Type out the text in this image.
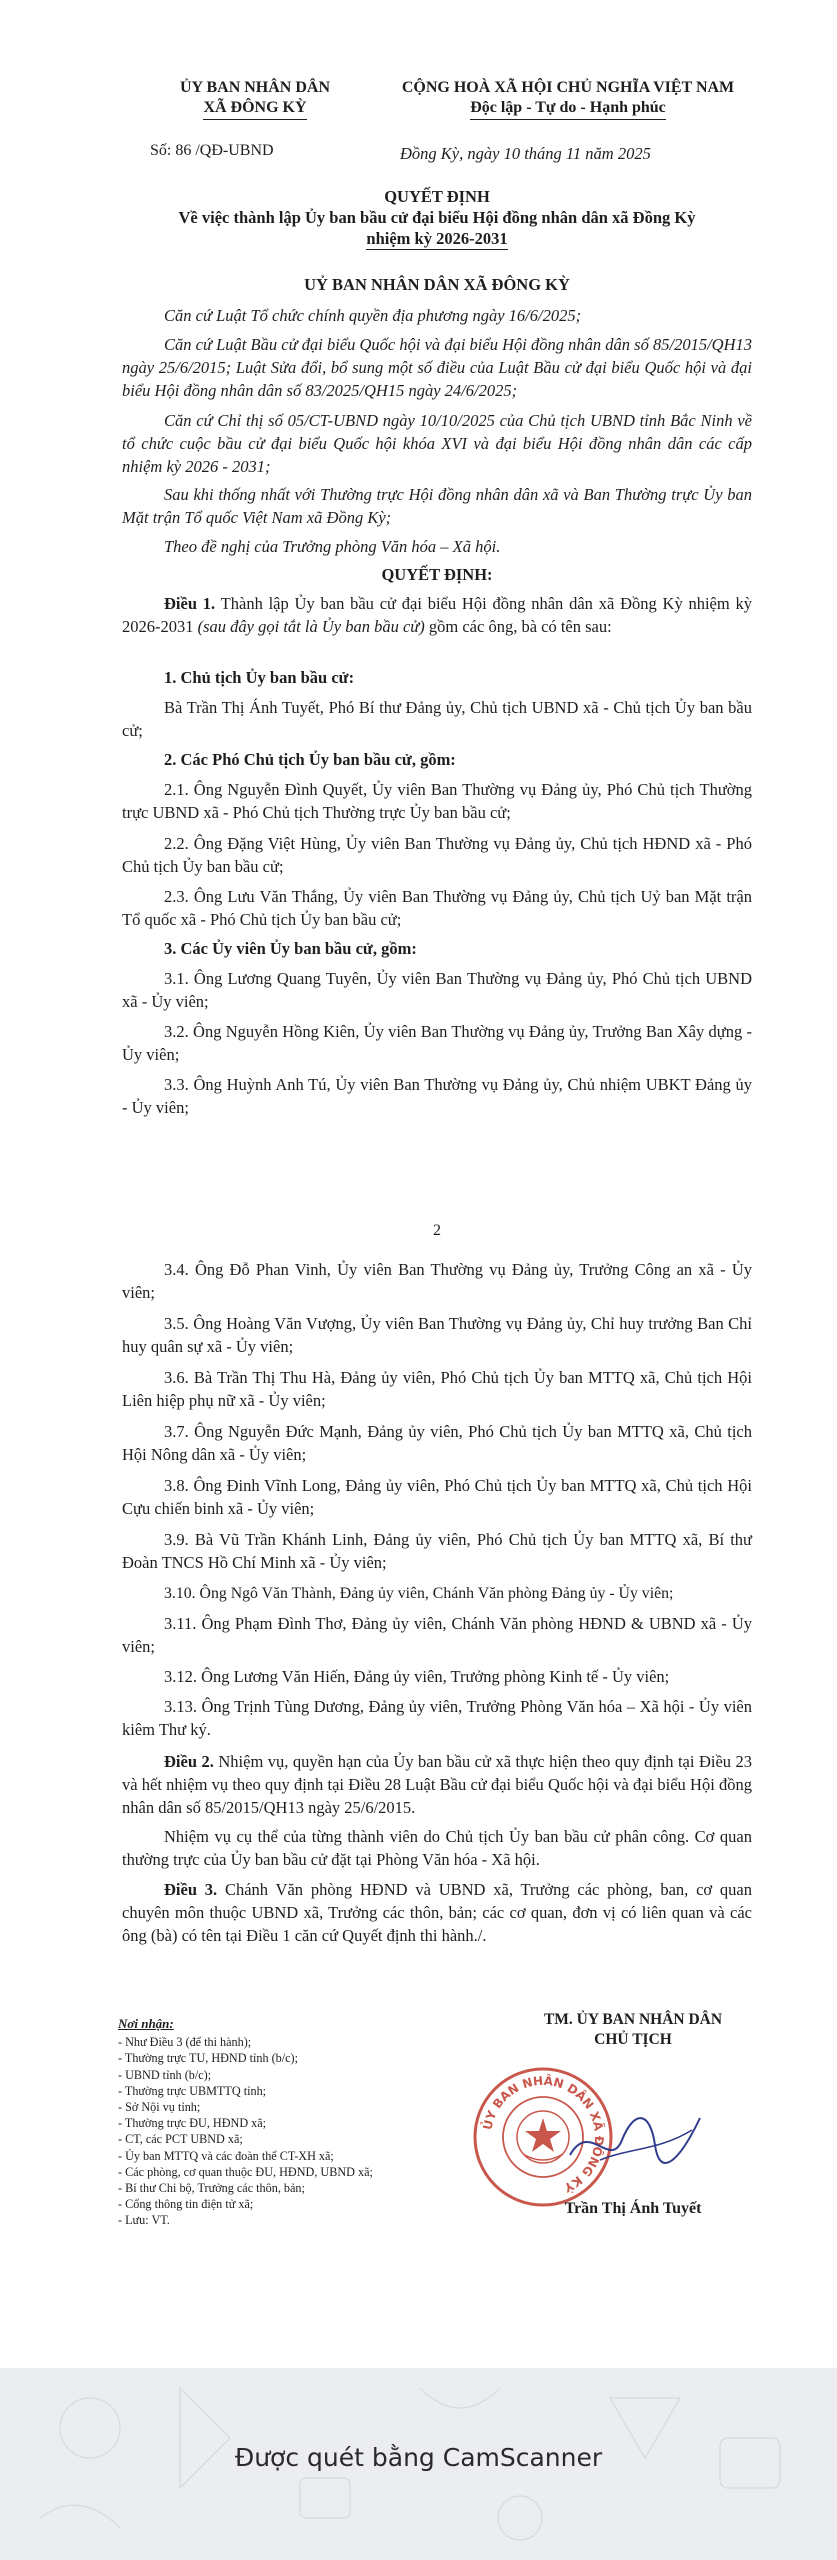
ỦY BAN NHÂN DÂN
XÃ ĐÔNG KỲ
Số: 86 /QĐ-UBND
CỘNG HOÀ XÃ HỘI CHỦ NGHĨA VIỆT NAM
Độc lập - Tự do - Hạnh phúc
Đồng Kỳ, ngày 10 tháng 11 năm 2025
QUYẾT ĐỊNH
Về việc thành lập Ủy ban bầu cử đại biểu Hội đồng nhân dân xã Đồng Kỳ
nhiệm kỳ 2026-2031
UỶ BAN NHÂN DÂN XÃ ĐÔNG KỲ

Căn cứ Luật Tổ chức chính quyền địa phương ngày 16/6/2025;

Căn cứ Luật Bầu cử đại biểu Quốc hội và đại biểu Hội đồng nhân dân số 85/2015/QH13 ngày 25/6/2015; Luật Sửa đổi, bổ sung một số điều của Luật Bầu cử đại biểu Quốc hội và đại biểu Hội đồng nhân dân số 83/2025/QH15 ngày 24/6/2025;

Căn cứ Chỉ thị số 05/CT-UBND ngày 10/10/2025 của Chủ tịch UBND tỉnh Bắc Ninh về tổ chức cuộc bầu cử đại biểu Quốc hội khóa XVI và đại biểu Hội đồng nhân dân các cấp nhiệm kỳ 2026 - 2031;

Sau khi thống nhất với Thường trực Hội đồng nhân dân xã và Ban Thường trực Ủy ban Mặt trận Tổ quốc Việt Nam xã Đồng Kỳ;

Theo đề nghị của Trưởng phòng Văn hóa – Xã hội.

QUYẾT ĐỊNH:

Điều 1. Thành lập Ủy ban bầu cử đại biểu Hội đồng nhân dân xã Đồng Kỳ nhiệm kỳ 2026-2031 (sau đây gọi tắt là Ủy ban bầu cử) gồm các ông, bà có tên sau:

1. Chủ tịch Ủy ban bầu cử:

Bà Trần Thị Ánh Tuyết, Phó Bí thư Đảng ủy, Chủ tịch UBND xã - Chủ tịch Ủy ban bầu cử;

2. Các Phó Chủ tịch Ủy ban bầu cử, gồm:

2.1. Ông Nguyễn Đình Quyết, Ủy viên Ban Thường vụ Đảng ủy, Phó Chủ tịch Thường trực UBND xã - Phó Chủ tịch Thường trực Ủy ban bầu cử;

2.2. Ông Đặng Việt Hùng, Ủy viên Ban Thường vụ Đảng ủy, Chủ tịch HĐND xã - Phó Chủ tịch Ủy ban bầu cử;

2.3. Ông Lưu Văn Thắng, Ủy viên Ban Thường vụ Đảng ủy, Chủ tịch Uỷ ban Mặt trận Tổ quốc xã - Phó Chủ tịch Ủy ban bầu cử;

3. Các Ủy viên Ủy ban bầu cử, gồm:

3.1. Ông Lương Quang Tuyên, Ủy viên Ban Thường vụ Đảng ủy, Phó Chủ tịch UBND xã - Ủy viên;

3.2. Ông Nguyễn Hồng Kiên, Ủy viên Ban Thường vụ Đảng ủy, Trưởng Ban Xây dựng - Ủy viên;

3.3. Ông Huỳnh Anh Tú, Ủy viên Ban Thường vụ Đảng ủy, Chủ nhiệm UBKT Đảng ủy - Ủy viên;

2

3.4. Ông Đỗ Phan Vinh, Ủy viên Ban Thường vụ Đảng ủy, Trưởng Công an xã - Ủy viên;

3.5. Ông Hoàng Văn Vượng, Ủy viên Ban Thường vụ Đảng ủy, Chỉ huy trưởng Ban Chỉ huy quân sự xã - Ủy viên;

3.6. Bà Trần Thị Thu Hà, Đảng ủy viên, Phó Chủ tịch Ủy ban MTTQ xã, Chủ tịch Hội Liên hiệp phụ nữ xã - Ủy viên;

3.7. Ông Nguyễn Đức Mạnh, Đảng ủy viên, Phó Chủ tịch Ủy ban MTTQ xã, Chủ tịch Hội Nông dân xã - Ủy viên;

3.8. Ông Đinh Vĩnh Long, Đảng ủy viên, Phó Chủ tịch Ủy ban MTTQ xã, Chủ tịch Hội Cựu chiến binh xã - Ủy viên;

3.9. Bà Vũ Trần Khánh Linh, Đảng ủy viên, Phó Chủ tịch Ủy ban MTTQ xã, Bí thư Đoàn TNCS Hồ Chí Minh xã - Ủy viên;

3.10. Ông Ngô Văn Thành, Đảng ủy viên, Chánh Văn phòng Đảng ủy - Ủy viên;

3.11. Ông Phạm Đình Thơ, Đảng ủy viên, Chánh Văn phòng HĐND & UBND xã - Ủy viên;

3.12. Ông Lương Văn Hiến, Đảng ủy viên, Trưởng phòng Kinh tế - Ủy viên;

3.13. Ông Trịnh Tùng Dương, Đảng ủy viên, Trưởng Phòng Văn hóa – Xã hội - Ủy viên kiêm Thư ký.

Điều 2. Nhiệm vụ, quyền hạn của Ủy ban bầu cử xã thực hiện theo quy định tại Điều 23 và hết nhiệm vụ theo quy định tại Điều 28 Luật Bầu cử đại biểu Quốc hội và đại biểu Hội đồng nhân dân số 85/2015/QH13 ngày 25/6/2015.

Nhiệm vụ cụ thể của từng thành viên do Chủ tịch Ủy ban bầu cử phân công. Cơ quan thường trực của Ủy ban bầu cử đặt tại Phòng Văn hóa - Xã hội.

Điều 3. Chánh Văn phòng HĐND và UBND xã, Trưởng các phòng, ban, cơ quan chuyên môn thuộc UBND xã, Trưởng các thôn, bản; các cơ quan, đơn vị có liên quan và các ông (bà) có tên tại Điều 1 căn cứ Quyết định thi hành./.

Nơi nhận:
- Như Điều 3 (để thi hành);
- Thường trực TU, HĐND tỉnh (b/c);
- UBND tỉnh (b/c);
- Thường trực UBMTTQ tỉnh;
- Sở Nội vụ tỉnh;
- Thường trực ĐU, HĐND xã;
- CT, các PCT UBND xã;
- Ủy ban MTTQ và các đoàn thể CT-XH xã;
- Các phòng, cơ quan thuộc ĐU, HĐND, UBND xã;
- Bí thư Chi bộ, Trưởng các thôn, bản;
- Cổng thông tin điện tử xã;
- Lưu: VT.
TM. ỦY BAN NHÂN DÂN
CHỦ TỊCH
ỦY BAN NHÂN DÂN XÃ ĐÔNG KỲ
Trần Thị Ánh Tuyết
Được quét bằng CamScanner
